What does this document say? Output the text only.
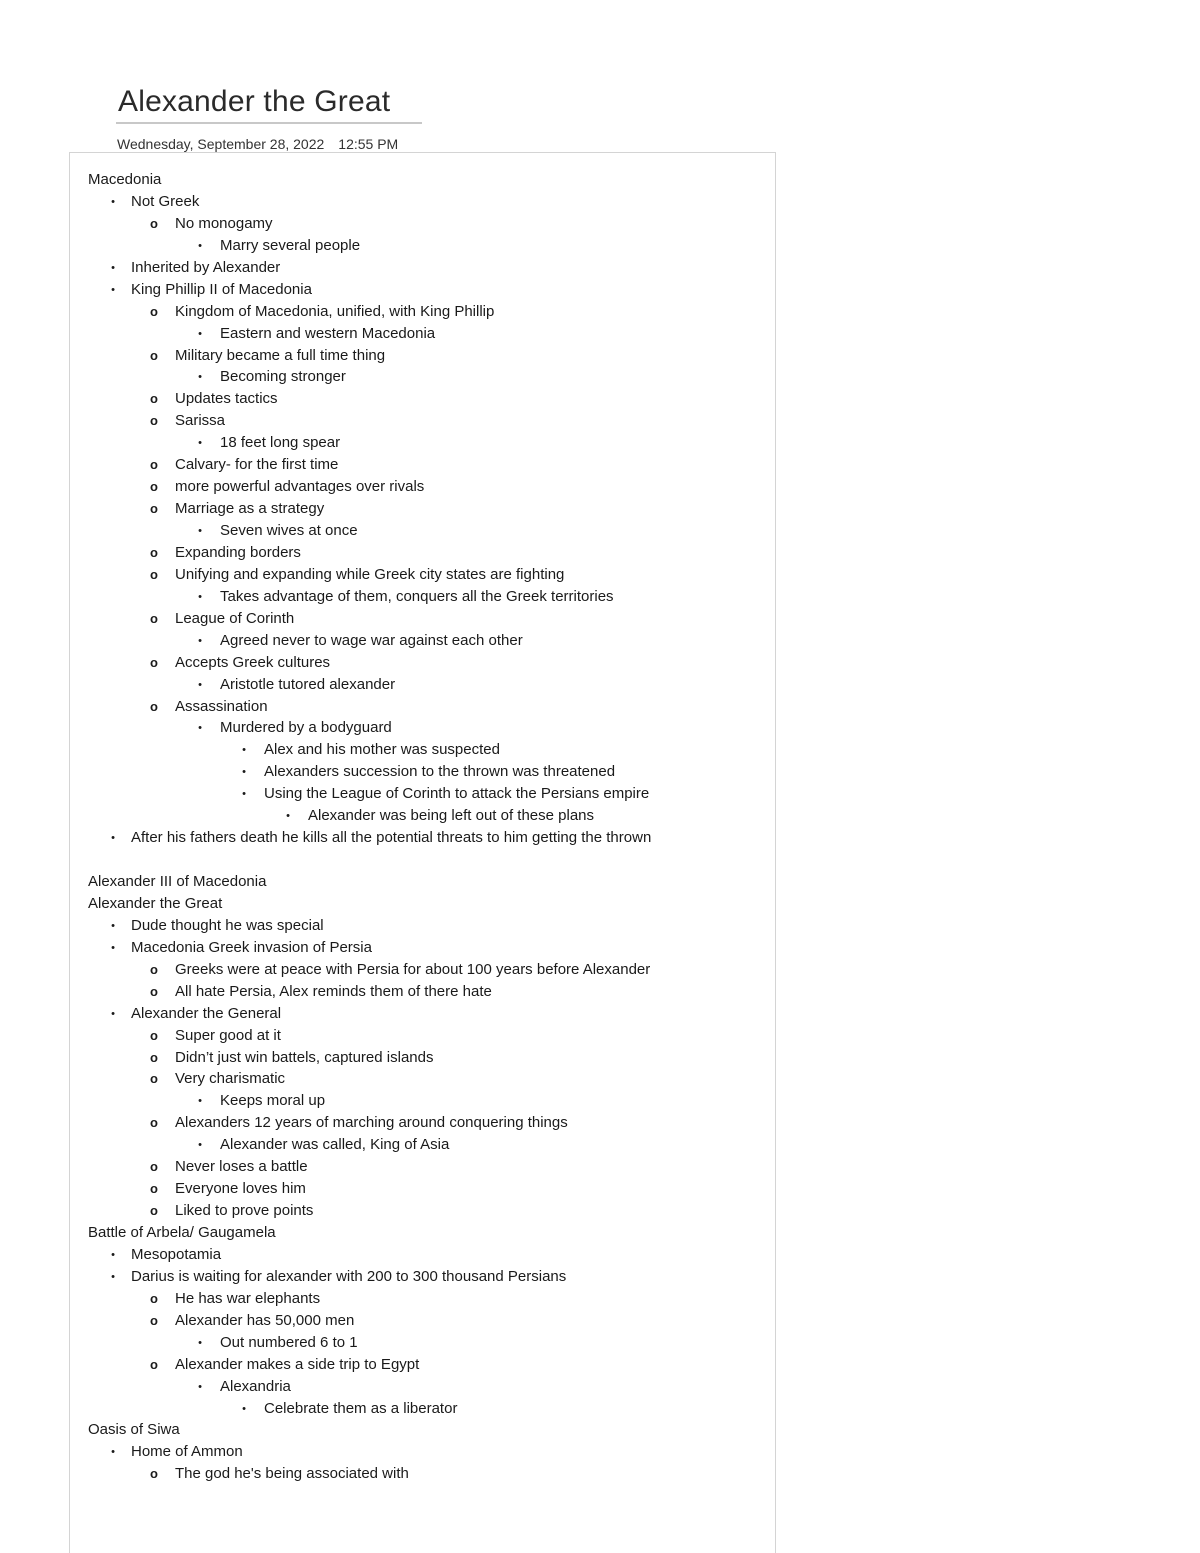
Alexander the Great
Wednesday, September 28, 2022 12:55 PM
Macedonia
• Not Greek
o No monogamy
• Marry several people
• Inherited by Alexander
• King Phillip II of Macedonia
o Kingdom of Macedonia, unified, with King Phillip
• Eastern and western Macedonia
o Military became a full time thing
• Becoming stronger
o Updates tactics
o Sarissa
• 18 feet long spear
o Calvary- for the first time
o more powerful advantages over rivals
o Marriage as a strategy
• Seven wives at once
o Expanding borders
o Unifying and expanding while Greek city states are fighting
• Takes advantage of them, conquers all the Greek territories
o League of Corinth
• Agreed never to wage war against each other
o Accepts Greek cultures
• Aristotle tutored alexander
o Assassination
• Murdered by a bodyguard
• Alex and his mother was suspected
• Alexanders succession to the thrown was threatened
• Using the League of Corinth to attack the Persians empire
• Alexander was being left out of these plans
• After his fathers death he kills all the potential threats to him getting the thrown
Alexander III of Macedonia
Alexander the Great
• Dude thought he was special
• Macedonia Greek invasion of Persia
o Greeks were at peace with Persia for about 100 years before Alexander
o All hate Persia, Alex reminds them of there hate
• Alexander the General
o Super good at it
o Didn’t just win battels, captured islands
o Very charismatic
• Keeps moral up
o Alexanders 12 years of marching around conquering things
• Alexander was called, King of Asia
o Never loses a battle
o Everyone loves him
o Liked to prove points
Battle of Arbela/ Gaugamela
• Mesopotamia
• Darius is waiting for alexander with 200 to 300 thousand Persians
o He has war elephants
o Alexander has 50,000 men
• Out numbered 6 to 1
o Alexander makes a side trip to Egypt
• Alexandria
• Celebrate them as a liberator
Oasis of Siwa
• Home of Ammon
o The god he's being associated with
